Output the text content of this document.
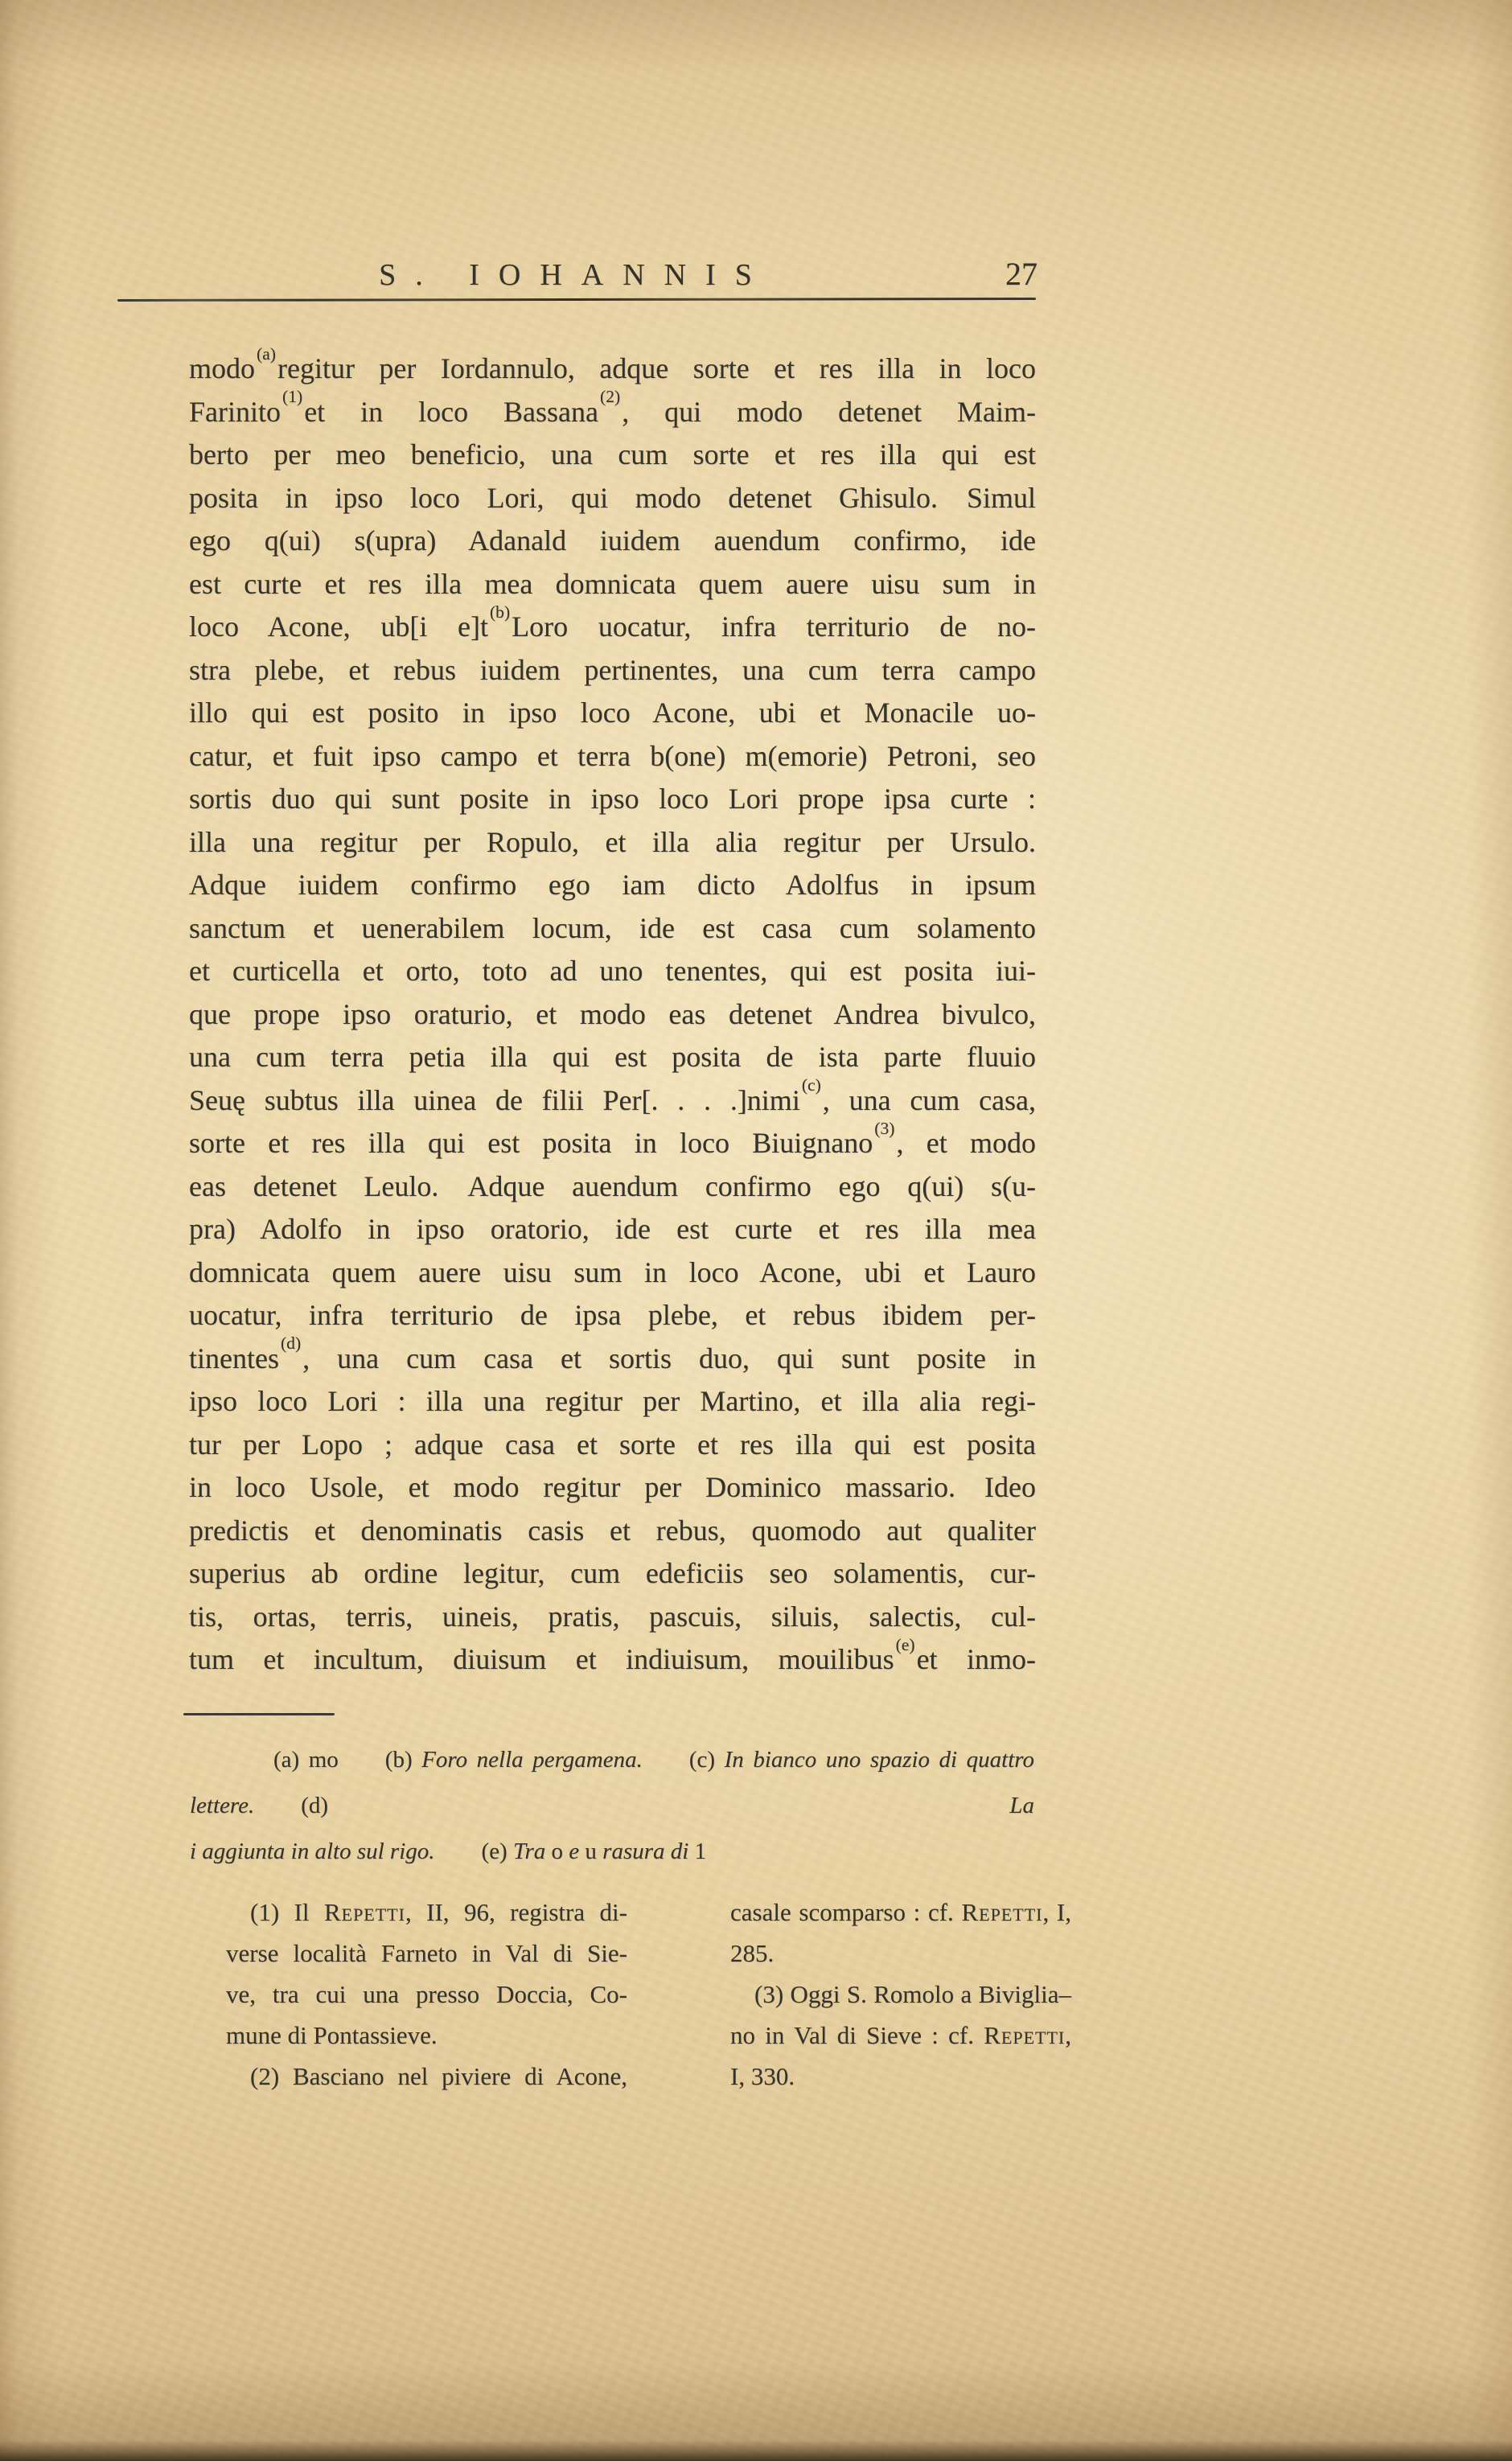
S. IOHANNIS	27
modo$^{(a)}$regitur per Iordannulo, adque sorte et res illa in loco
Farinito$^{(1)}$et in loco Bassana$^{(2)}$, qui modo detenet Maim-
berto per meo beneficio, una cum sorte et res illa qui est
posita in ipso loco Lori, qui modo detenet Ghisulo. Simul
ego q(ui) s(upra) Adanald iuidem auendum confirmo, ide
est curte et res illa mea domnicata quem auere uisu sum in
loco Acone, ub[i e]t$^{(b)}$Loro uocatur, infra territurio de no-
stra plebe, et rebus iuidem pertinentes, una cum terra campo
illo qui est posito in ipso loco Acone, ubi et Monacile uo-
catur, et fuit ipso campo et terra b(one) m(emorie) Petroni, seo
sortis duo qui sunt posite in ipso loco Lori prope ipsa curte :
illa una regitur per Ropulo, et illa alia regitur per Ursulo.
Adque iuidem confirmo ego iam dicto Adolfus in ipsum
sanctum et uenerabilem locum, ide est casa cum solamento
et curticella et orto, toto ad uno tenentes, qui est posita iui-
que prope ipso oraturio, et modo eas detenet Andrea bivulco,
una cum terra petia illa qui est posita de ista parte fluuio
Seuę subtus illa uinea de filii Per[. . . .]nimi$^{(c)}$, una cum casa,
sorte et res illa qui est posita in loco Biuignano$^{(3)}$, et modo
eas detenet Leulo. Adque auendum confirmo ego q(ui) s(u-
pra) Adolfo in ipso oratorio, ide est curte et res illa mea
domnicata quem auere uisu sum in loco Acone, ubi et Lauro
uocatur, infra territurio de ipsa plebe, et rebus ibidem per-
tinentes$^{(d)}$, una cum casa et sortis duo, qui sunt posite in
ipso loco Lori : illa una regitur per Martino, et illa alia regi-
tur per Lopo ; adque casa et sorte et res illa qui est posita
in loco Usole, et modo regitur per Dominico massario. Ideo
predictis et denominatis casis et rebus, quomodo aut qualiter
superius ab ordine legitur, cum edeficiis seo solamentis, cur-
tis, ortas, terris, uineis, pratis, pascuis, siluis, salectis, cul-
tum et incultum, diuisum et indiuisum, mouilibus$^{(e)}$et inmo-
(a) mo  (b) Foro nella pergamena.  (c) In bianco uno spazio di quattro lettere.  (d) La
i aggiunta in alto sul rigo.  (e) Tra o e u rasura di 1
(1) Il Repetti, II, 96, registra di-
verse località Farneto in Val di Sie-
ve, tra cui una presso Doccia, Co-
mune di Pontassieve.
(2) Basciano nel piviere di Acone,
casale scomparso : cf. Repetti, I,
285.
(3) Oggi S. Romolo a Biviglia–
no in Val di Sieve : cf. Repetti,
I, 330.
